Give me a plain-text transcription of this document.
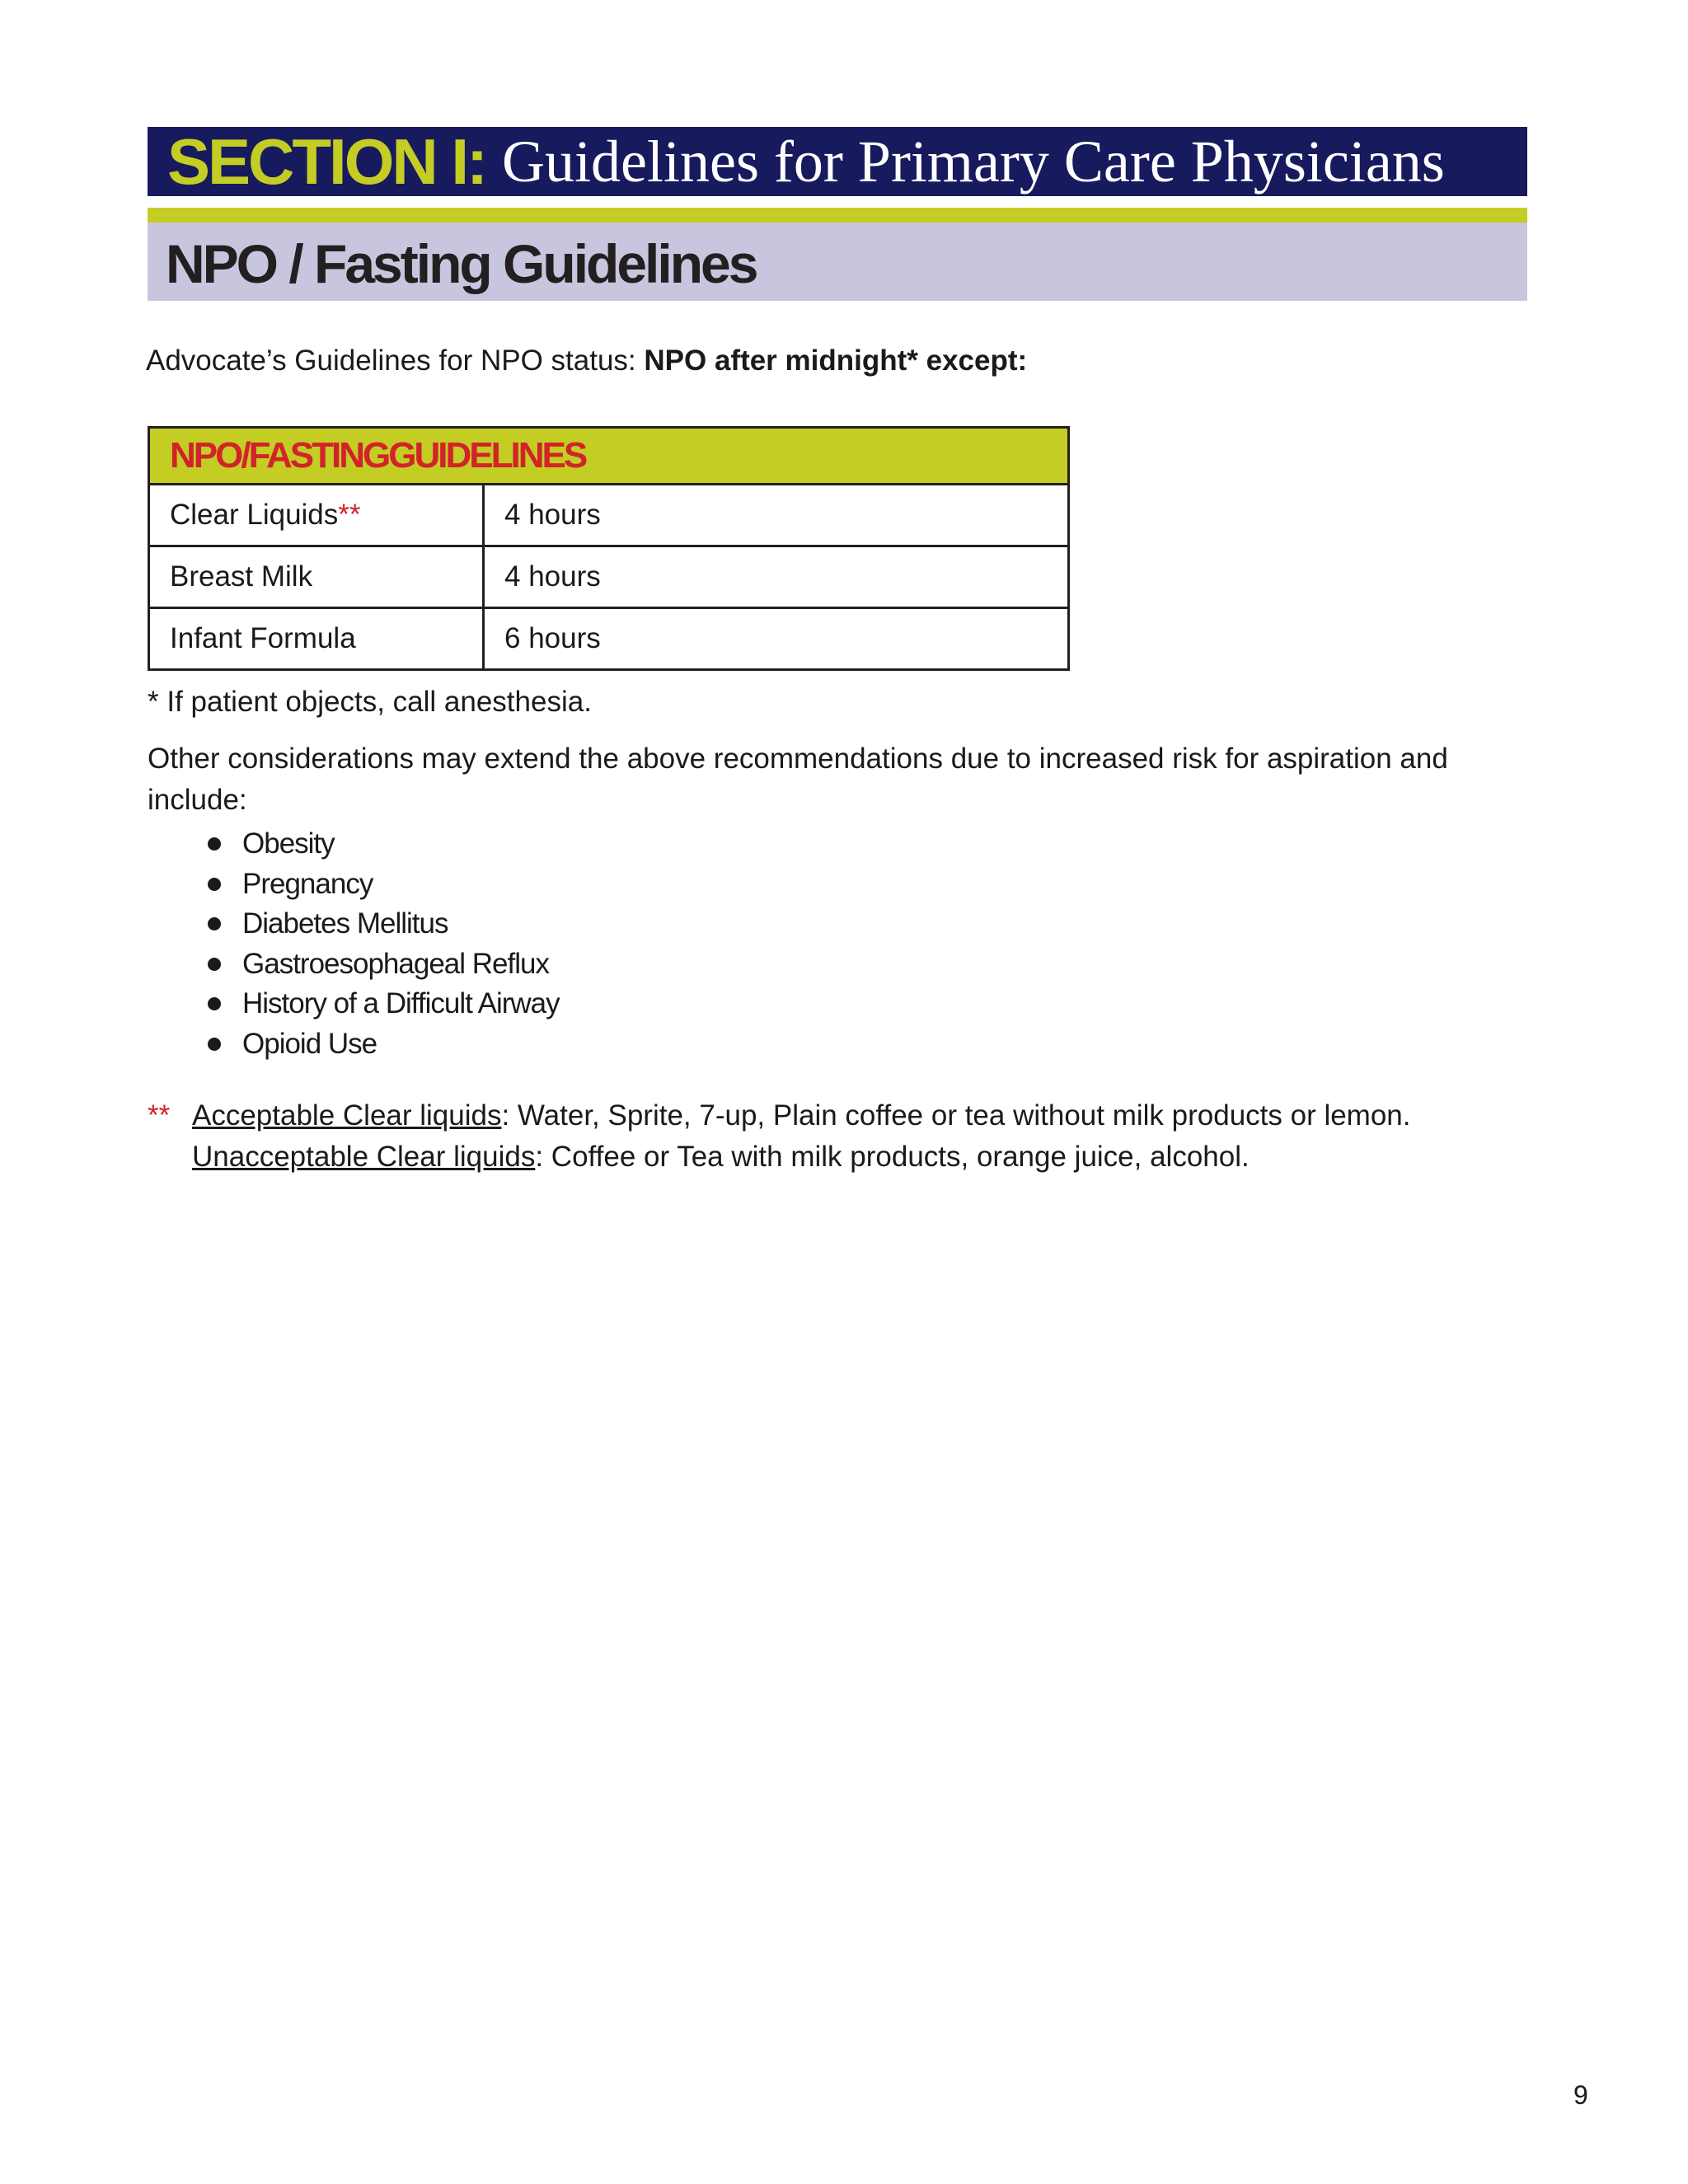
SECTION I: Guidelines for Primary Care Physicians
NPO / Fasting Guidelines
Advocate’s Guidelines for NPO status: NPO after midnight* except:
NPO/FASTINGGUIDELINES	
Clear Liquids**	4 hours
Breast Milk	4 hours
Infant Formula	6 hours
* If patient objects, call anesthesia.
Other considerations may extend the above recommendations due to increased risk for aspiration and include:
Obesity
Pregnancy
Diabetes Mellitus
Gastroesophageal Reflux
History of a Difficult Airway
Opioid Use
** Acceptable Clear liquids: Water, Sprite, 7-up, Plain coffee or tea without milk products or lemon.
Unacceptable Clear liquids: Coffee or Tea with milk products, orange juice, alcohol.
9
